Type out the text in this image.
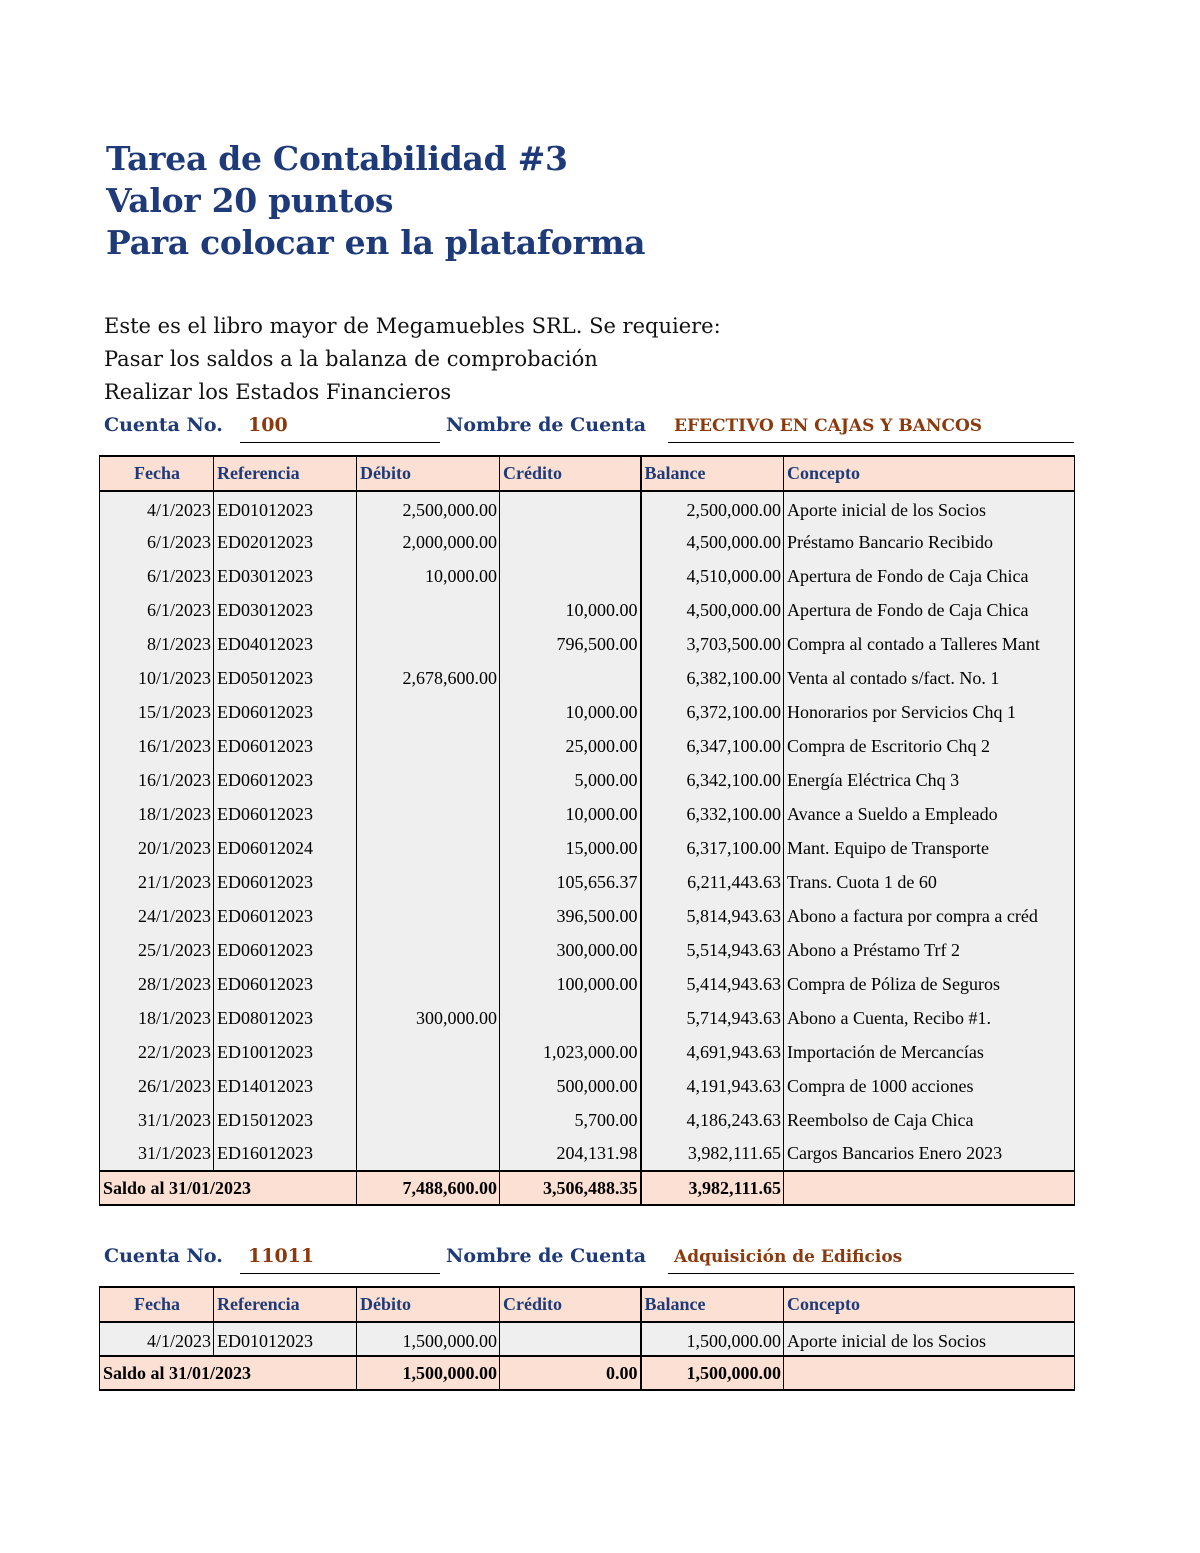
Tarea de Contabilidad #3
Valor 20 puntos
Para colocar en la plataforma
Este es el libro mayor de Megamuebles SRL. Se requiere:
Pasar los saldos a la balanza de comprobación
Realizar los Estados Financieros
Cuenta No. 100	Nombre de Cuenta EFECTIVO EN CAJAS Y BANCOS
Fecha	Referencia	Débito	Crédito	Balance	Concepto
4/1/2023	ED01012023	2,500,000.00		2,500,000.00	Aporte inicial de los Socios
6/1/2023	ED02012023	2,000,000.00		4,500,000.00	Préstamo Bancario Recibido
6/1/2023	ED03012023	10,000.00		4,510,000.00	Apertura de Fondo de Caja Chica
6/1/2023	ED03012023		10,000.00	4,500,000.00	Apertura de Fondo de Caja Chica
8/1/2023	ED04012023		796,500.00	3,703,500.00	Compra al contado a Talleres Mant
10/1/2023	ED05012023	2,678,600.00		6,382,100.00	Venta al contado s/fact. No. 1
15/1/2023	ED06012023		10,000.00	6,372,100.00	Honorarios por Servicios Chq 1
16/1/2023	ED06012023		25,000.00	6,347,100.00	Compra de Escritorio Chq 2
16/1/2023	ED06012023		5,000.00	6,342,100.00	Energía Eléctrica Chq 3
18/1/2023	ED06012023		10,000.00	6,332,100.00	Avance a Sueldo a Empleado
20/1/2023	ED06012024		15,000.00	6,317,100.00	Mant. Equipo de Transporte
21/1/2023	ED06012023		105,656.37	6,211,443.63	Trans. Cuota 1 de 60
24/1/2023	ED06012023		396,500.00	5,814,943.63	Abono a factura por compra a créd
25/1/2023	ED06012023		300,000.00	5,514,943.63	Abono a Préstamo Trf 2
28/1/2023	ED06012023		100,000.00	5,414,943.63	Compra de Póliza de Seguros
18/1/2023	ED08012023	300,000.00		5,714,943.63	Abono a Cuenta, Recibo #1.
22/1/2023	ED10012023		1,023,000.00	4,691,943.63	Importación de Mercancías
26/1/2023	ED14012023		500,000.00	4,191,943.63	Compra de 1000 acciones
31/1/2023	ED15012023		5,700.00	4,186,243.63	Reembolso de Caja Chica
31/1/2023	ED16012023		204,131.98	3,982,111.65	Cargos Bancarios Enero 2023
Saldo al 31/01/2023		7,488,600.00	3,506,488.35	3,982,111.65	
Cuenta No. 11011	Nombre de Cuenta Adquisición de Edificios
Fecha	Referencia	Débito	Crédito	Balance	Concepto
4/1/2023	ED01012023	1,500,000.00		1,500,000.00	Aporte inicial de los Socios
Saldo al 31/01/2023		1,500,000.00	0.00	1,500,000.00	
